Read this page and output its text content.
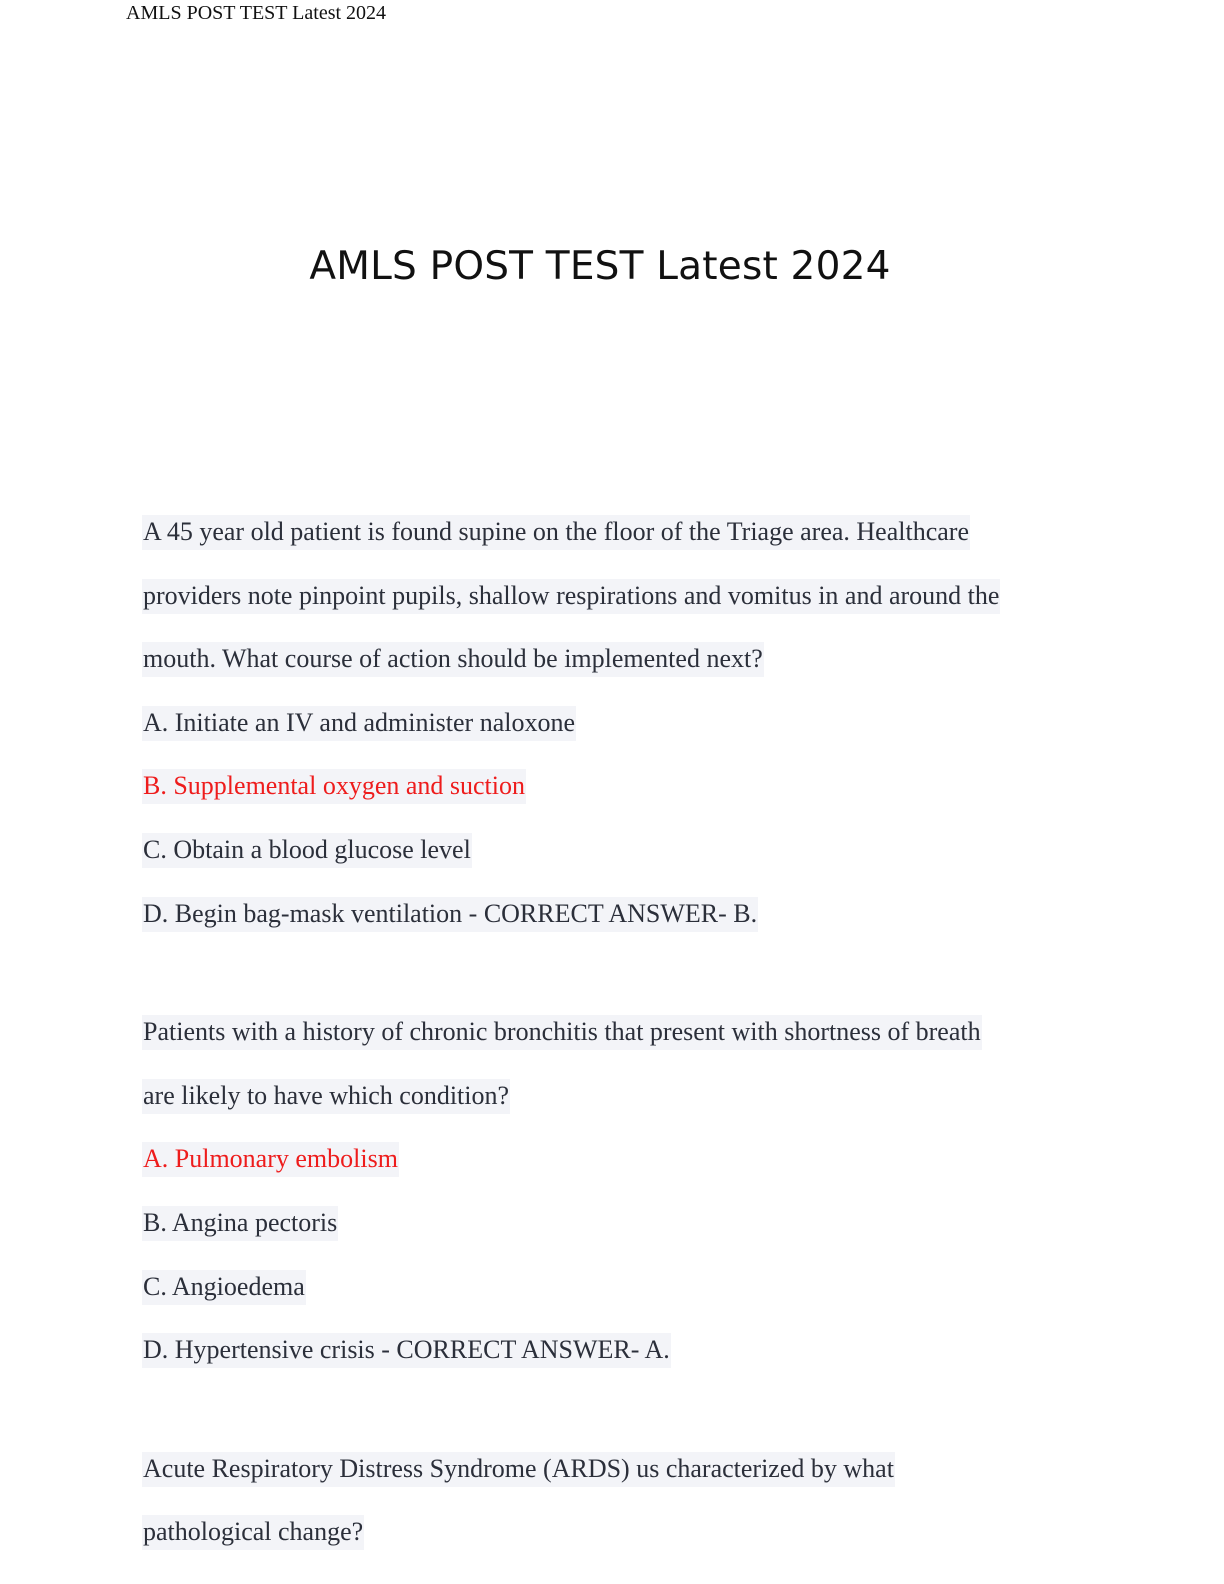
AMLS POST TEST Latest 2024
AMLS POST TEST Latest 2024
A 45 year old patient is found supine on the floor of the Triage area. Healthcare
providers note pinpoint pupils, shallow respirations and vomitus in and around the
mouth. What course of action should be implemented next?
A. Initiate an IV and administer naloxone
B. Supplemental oxygen and suction
C. Obtain a blood glucose level
D. Begin bag-mask ventilation - CORRECT ANSWER- B.
Patients with a history of chronic bronchitis that present with shortness of breath
are likely to have which condition?
A. Pulmonary embolism
B. Angina pectoris
C. Angioedema
D. Hypertensive crisis - CORRECT ANSWER- A.
Acute Respiratory Distress Syndrome (ARDS) us characterized by what
pathological change?
